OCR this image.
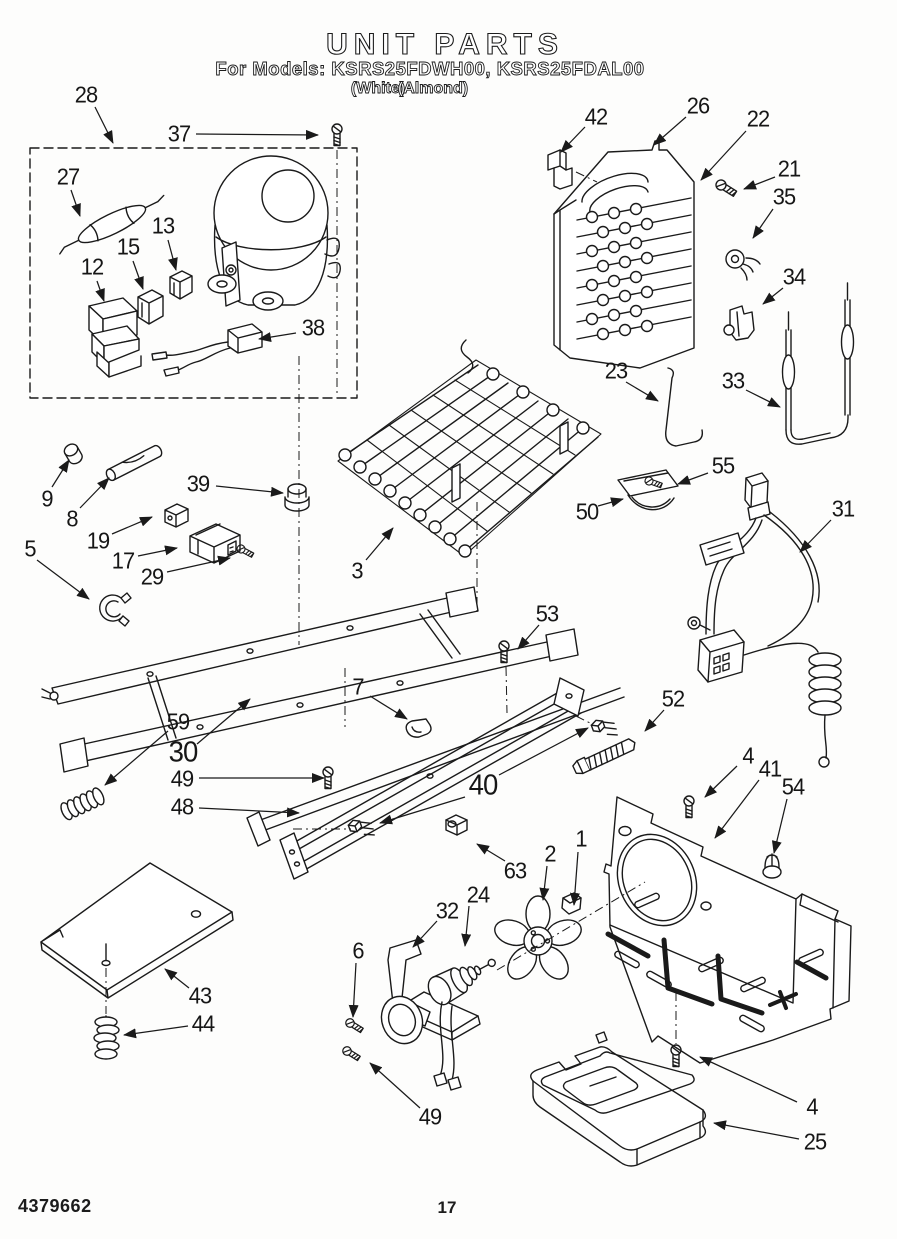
UNIT PARTS
For Models: KSRS25FDWH00, KSRS25FDAL00
(White)
(Almond)
4379662	17
28
37
27
13
15
12
38
42	26 22
21
35
34
23	33
3
39
9
8
19
17
29
5
50
55
31
53
52
7
59
30
49
48
40
63
2
1
4 41
54
43
44
6
32
24
49	4
25
